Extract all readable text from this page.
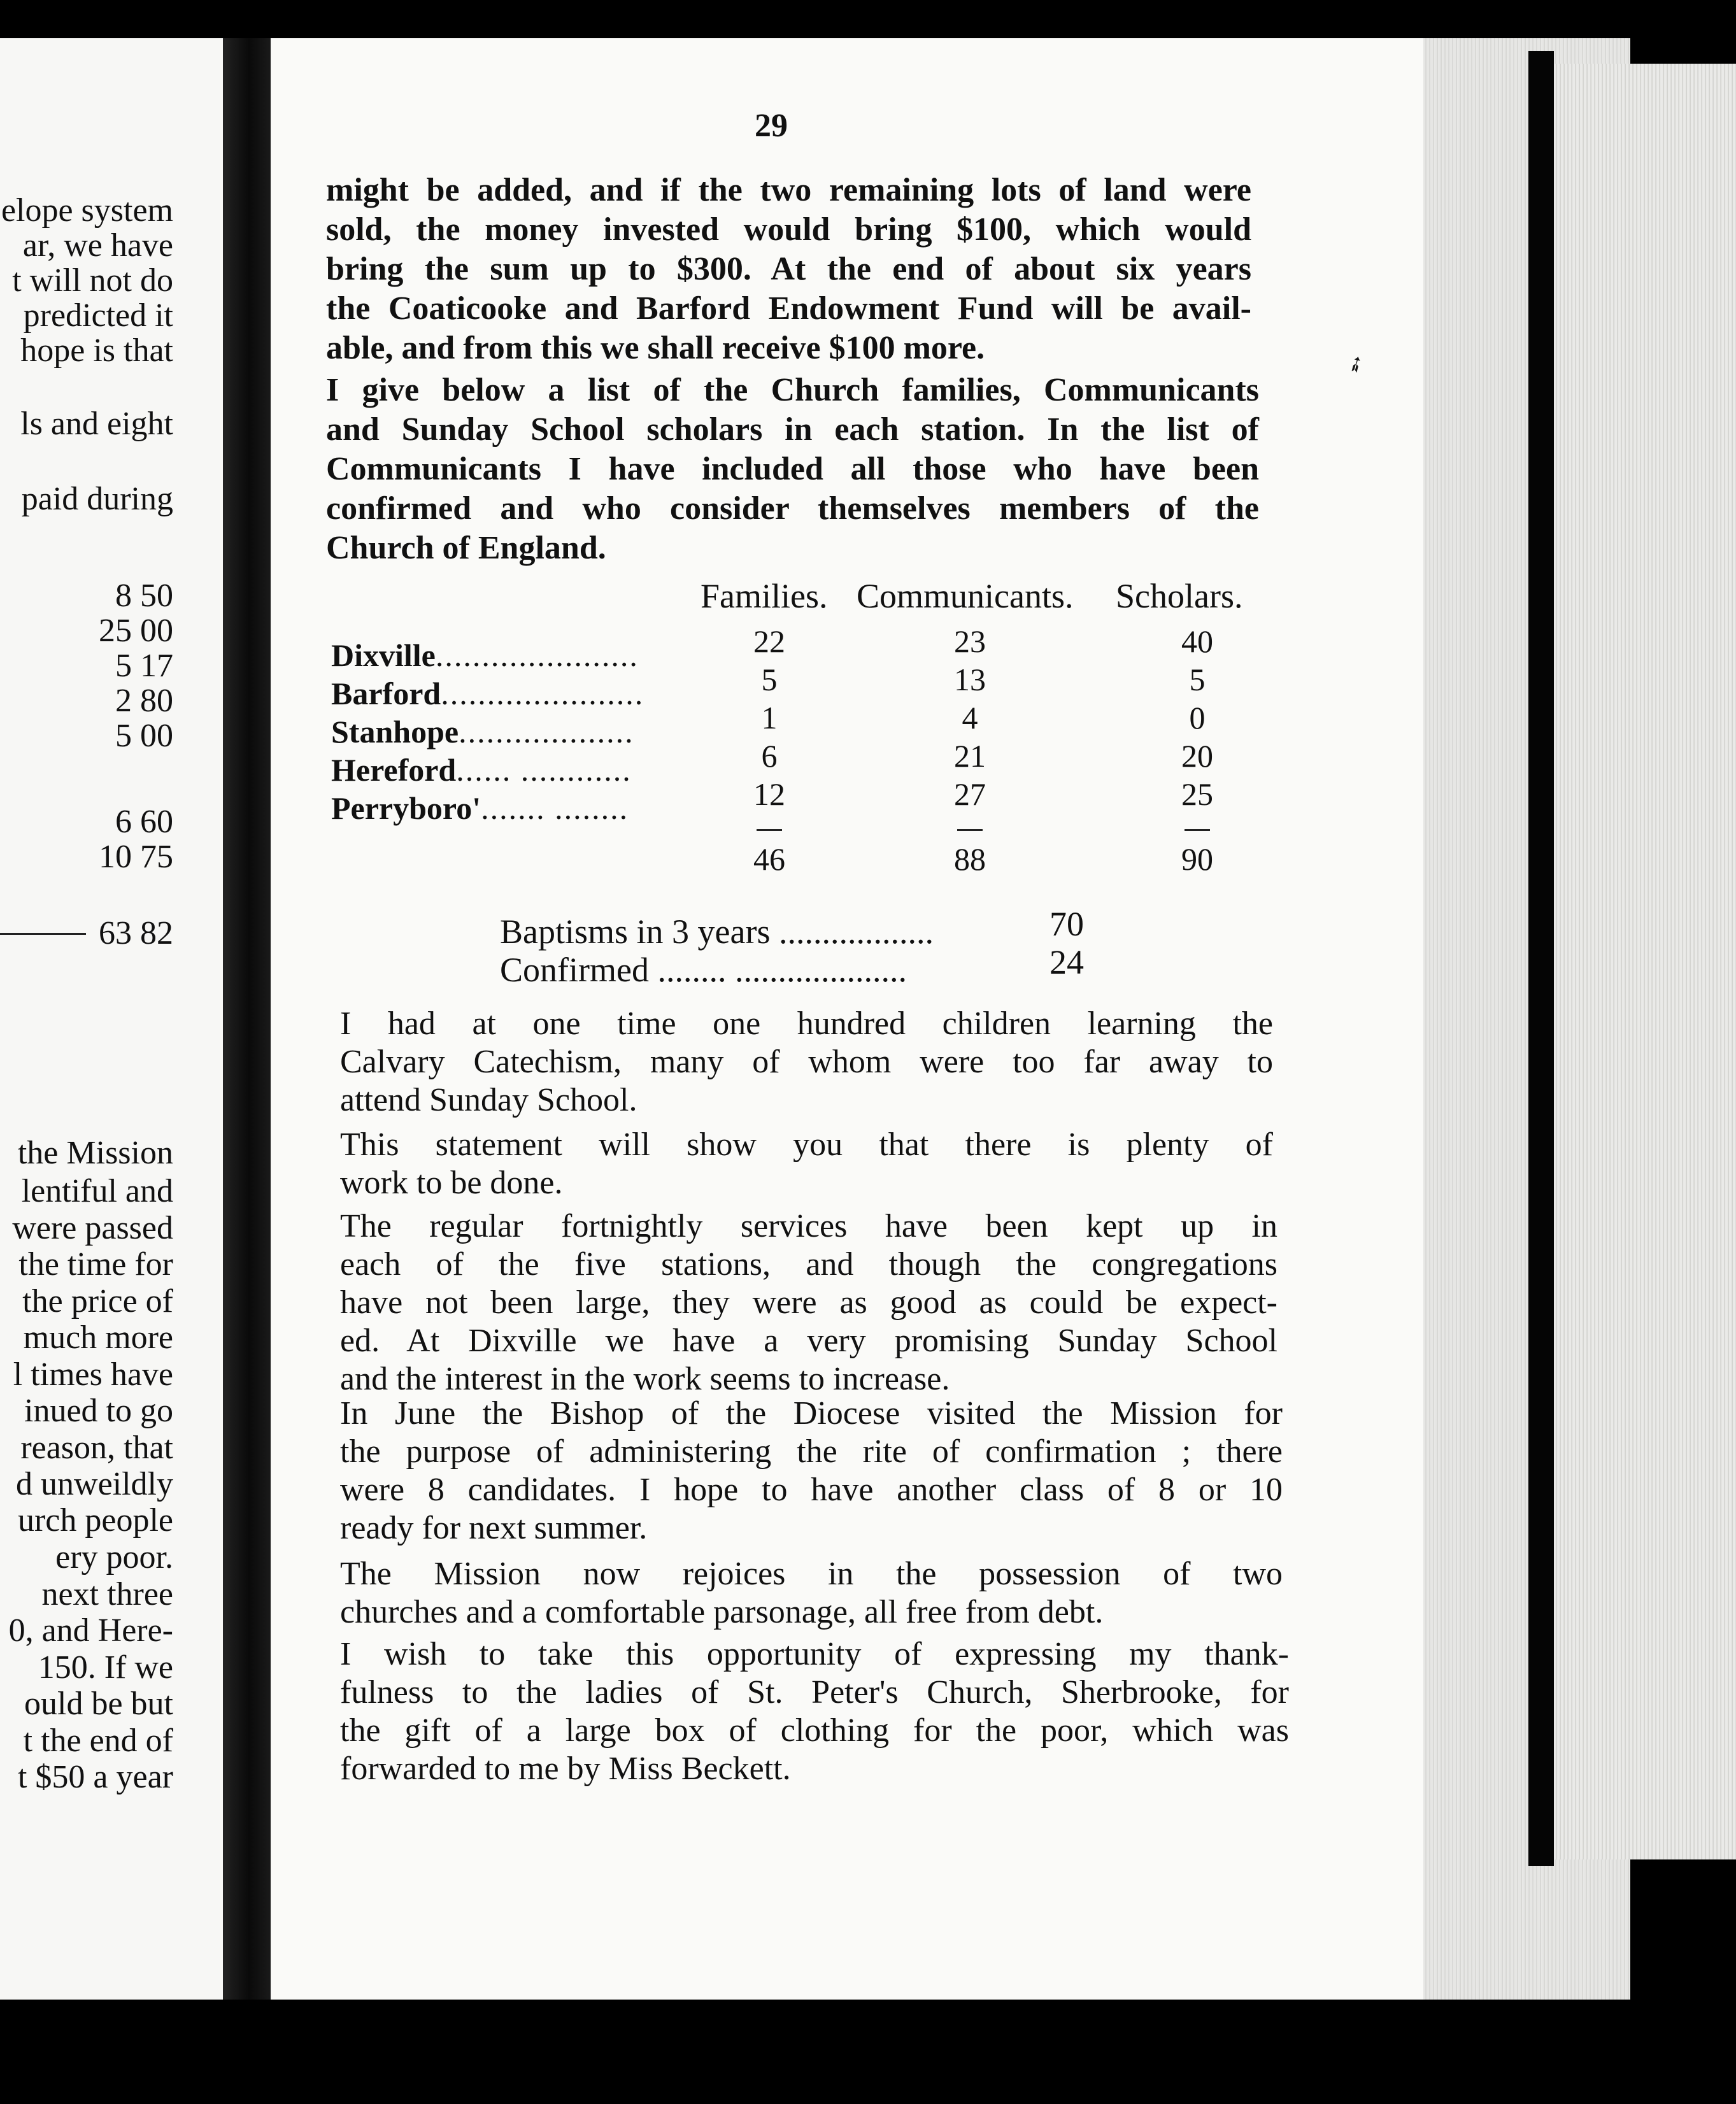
elope system
ar, we have
t will not do
predicted it
hope is that
ls and eight
paid during
8 50
25 00
5 17
2 80
5 00
6 60
10 75
63 82
the Mission
lentiful and
were passed
the time for
the price of
much more
l times have
inued to go
reason, that
d unweildly
urch people
ery poor.
next three
0, and Here-
150. If we
ould be but
t the end of
t $50 a year
29
might be added, and if the two remaining lots of land were
sold, the money invested would bring $100, which would
bring the sum up to $300. At the end of about six years
the Coaticooke and Barford Endowment Fund will be avail-
able, and from this we shall receive $100 more.
I give below a list of the Church families, Communicants
and Sunday School scholars in each station. In the list of
Communicants I have included all those who have been
confirmed and who consider themselves members of the
Church of England.
Families. Communicants. Scholars.
Dixville......................	22	23	40
Barford......................	5	13	5
Stanhope...................	1	4	0
Hereford...... ............	6	21	20
Perryboro'....... ........	12	27	25
46	88	90
Baptisms in 3 years ..................	70
Confirmed ........ ....................	24
I had at one time one hundred children learning the
Calvary Catechism, many of whom were too far away to
attend Sunday School.
This statement will show you that there is plenty of
work to be done.
The regular fortnightly services have been kept up in
each of the five stations, and though the congregations
have not been large, they were as good as could be expect-
ed. At Dixville we have a very promising Sunday School
and the interest in the work seems to increase.
In June the Bishop of the Diocese visited the Mission for
the purpose of administering the rite of confirmation ; there
were 8 candidates. I hope to have another class of 8 or 10
ready for next summer.
The Mission now rejoices in the possession of two
churches and a comfortable parsonage, all free from debt.
I wish to take this opportunity of expressing my thank-
fulness to the ladies of St. Peter's Church, Sherbrooke, for
the gift of a large box of clothing for the poor, which was
forwarded to me by Miss Beckett.
➶
